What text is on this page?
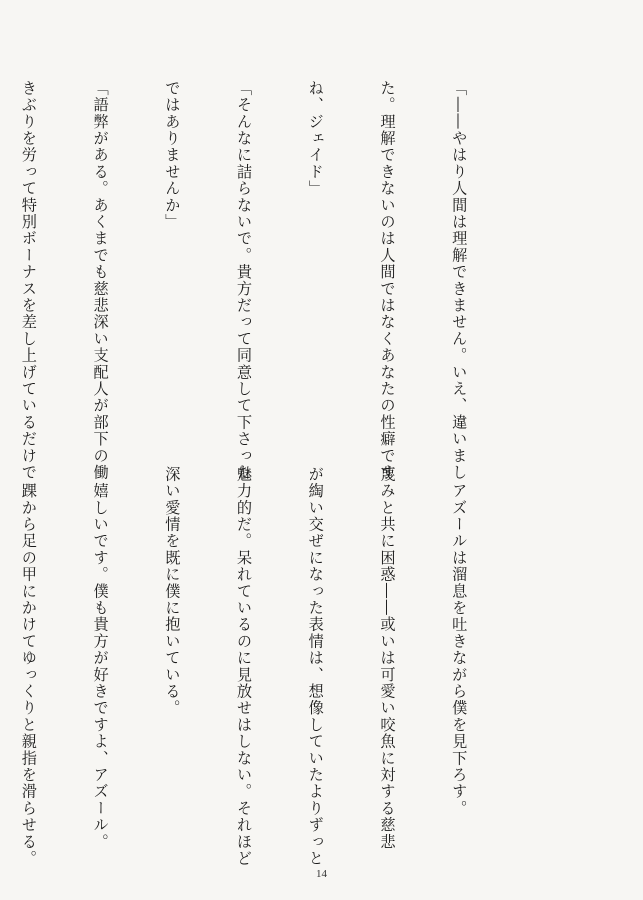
「――やはり人間は理解できません。いえ、違いまし

た。理解できないのは人間ではなくあなたの性癖です

ね、ジェイド」

「そんなに詰らないで。貴方だって同意して下さった

ではありませんか」

「語弊がある。あくまでも慈悲深い支配人が部下の働

きぶりを労って特別ボーナスを差し上げているだけで

　アズールは溜息を吐きながら僕を見下ろす。

蔑みと共に困惑――或いは可愛い咬魚に対する慈悲

が綯い交ぜになった表情は、想像していたよりずっと

魅力的だ。呆れているのに見放せはしない。それほど

深い愛情を既に僕に抱いている。

　嬉しいです。僕も貴方が好きですよ、アズール。

　踝から足の甲にかけてゆっくりと親指を滑らせる。

14
